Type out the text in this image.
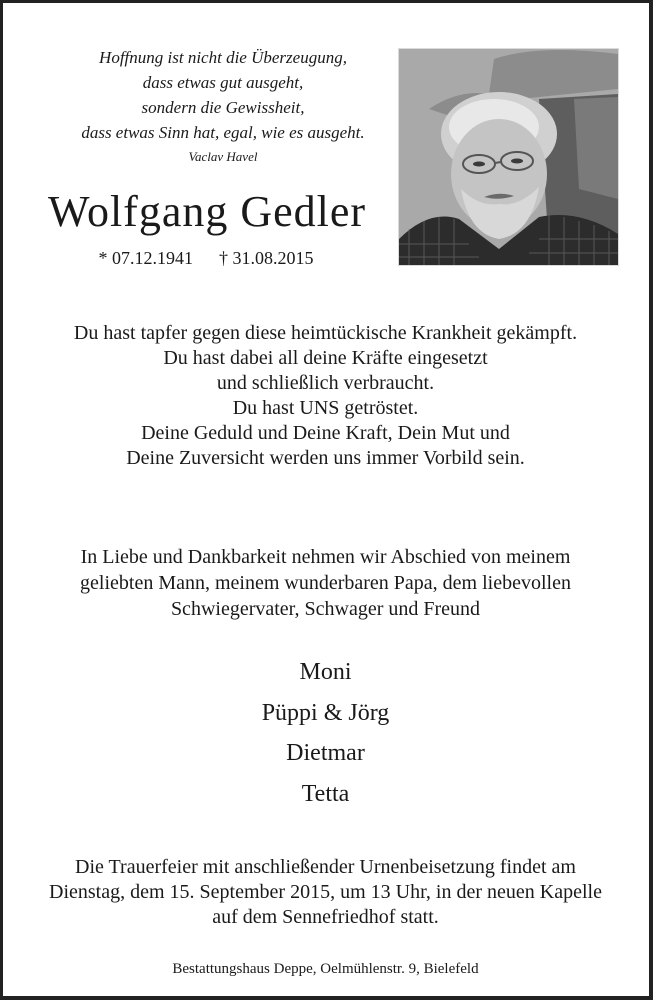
Hoffnung ist nicht die Überzeugung,
dass etwas gut ausgeht,
sondern die Gewissheit,
dass etwas Sinn hat, egal, wie es ausgeht.
Vaclav Havel
Wolfgang Gedler
* 07.12.1941 † 31.08.2015
Du hast tapfer gegen diese heimtückische Krankheit gekämpft.
Du hast dabei all deine Kräfte eingesetzt
und schließlich verbraucht.
Du hast UNS getröstet.
Deine Geduld und Deine Kraft, Dein Mut und
Deine Zuversicht werden uns immer Vorbild sein.
In Liebe und Dankbarkeit nehmen wir Abschied von meinem
geliebten Mann, meinem wunderbaren Papa, dem liebevollen
Schwiegervater, Schwager und Freund
Moni
Püppi & Jörg
Dietmar
Tetta
Die Trauerfeier mit anschließender Urnenbeisetzung findet am
Dienstag, dem 15. September 2015, um 13 Uhr, in der neuen Kapelle
auf dem Sennefriedhof statt.
Bestattungshaus Deppe, Oelmühlenstr. 9, Bielefeld
